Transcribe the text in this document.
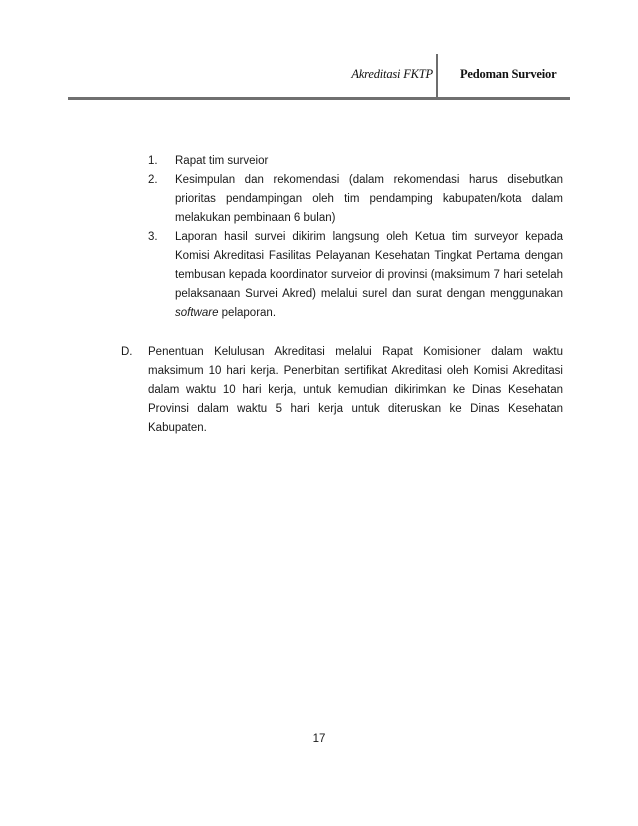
Akreditasi FKTP Pedoman Surveior
1.	Rapat tim surveior
2.	Kesimpulan dan rekomendasi (dalam rekomendasi harus disebutkan prioritas pendampingan oleh tim pendamping kabupaten/kota dalam melakukan pembinaan 6 bulan)
3.	Laporan hasil survei dikirim langsung oleh Ketua tim surveyor kepada Komisi Akreditasi Fasilitas Pelayanan Kesehatan Tingkat Pertama dengan tembusan kepada koordinator surveior di provinsi (maksimum 7 hari setelah pelaksanaan Survei Akred) melalui surel dan surat dengan menggunakan software pelaporan.
D.	Penentuan Kelulusan Akreditasi melalui Rapat Komisioner dalam waktu maksimum 10 hari kerja. Penerbitan sertifikat Akreditasi oleh Komisi Akreditasi dalam waktu 10 hari kerja, untuk kemudian dikirimkan ke Dinas Kesehatan Provinsi dalam waktu 5 hari kerja untuk diteruskan ke Dinas Kesehatan Kabupaten.
17
